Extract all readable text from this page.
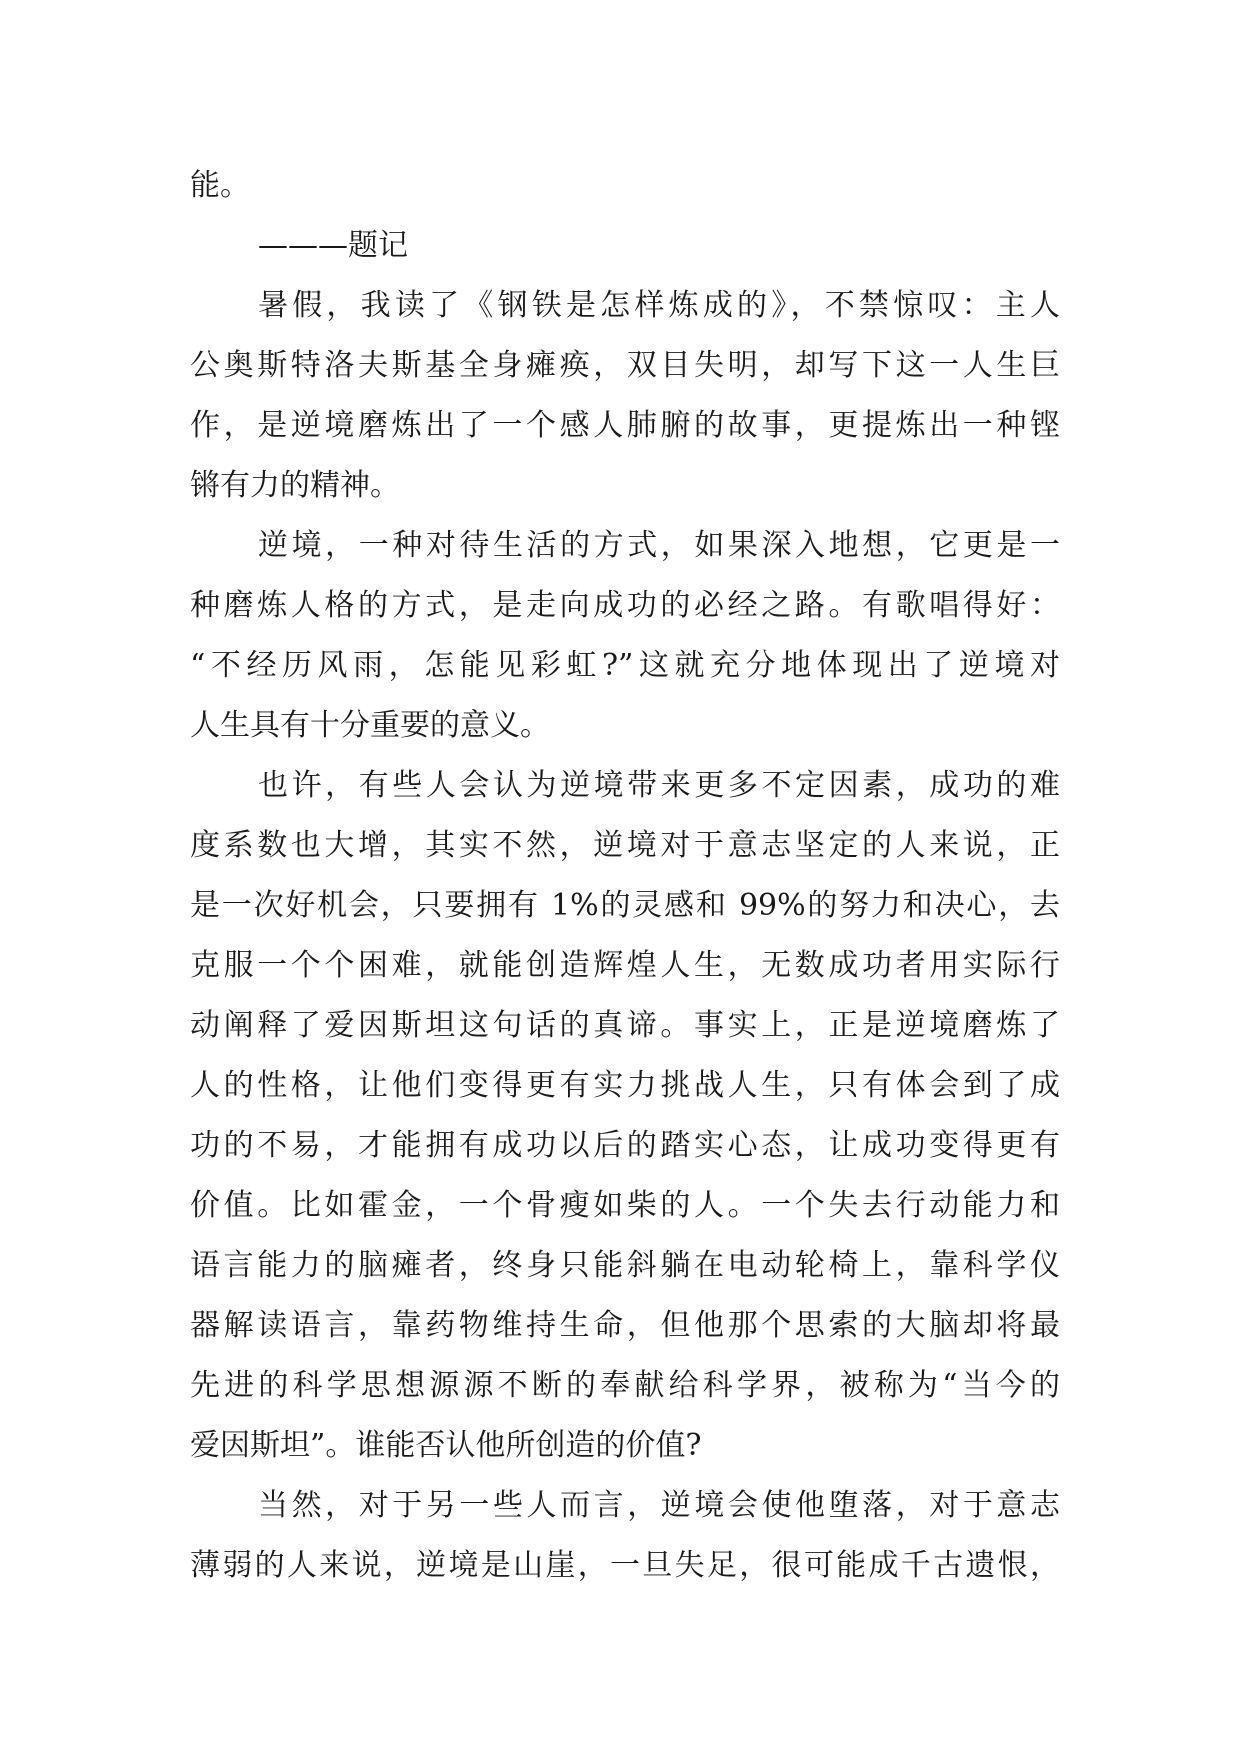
能。
———题记
暑假，我读了《钢铁是怎样炼成的》，不禁惊叹：主人
公奥斯特洛夫斯基全身瘫痪，双目失明，却写下这一人生巨
作，是逆境磨炼出了一个感人肺腑的故事，更提炼出一种铿
锵有力的精神。
逆境，一种对待生活的方式，如果深入地想，它更是一
种磨炼人格的方式，是走向成功的必经之路。有歌唱得好：
“不经历风雨，怎能见彩虹?”这就充分地体现出了逆境对
人生具有十分重要的意义。
也许，有些人会认为逆境带来更多不定因素，成功的难
度系数也大增，其实不然，逆境对于意志坚定的人来说，正
是一次好机会，只要拥有 1%的灵感和 99%的努力和决心，去
克服一个个困难，就能创造辉煌人生，无数成功者用实际行
动阐释了爱因斯坦这句话的真谛。事实上，正是逆境磨炼了
人的性格，让他们变得更有实力挑战人生，只有体会到了成
功的不易，才能拥有成功以后的踏实心态，让成功变得更有
价值。比如霍金，一个骨瘦如柴的人。一个失去行动能力和
语言能力的脑瘫者，终身只能斜躺在电动轮椅上，靠科学仪
器解读语言，靠药物维持生命，但他那个思索的大脑却将最
先进的科学思想源源不断的奉献给科学界，被称为“当今的
爱因斯坦”。谁能否认他所创造的价值?
当然，对于另一些人而言，逆境会使他堕落，对于意志
薄弱的人来说，逆境是山崖，一旦失足，很可能成千古遗恨，
